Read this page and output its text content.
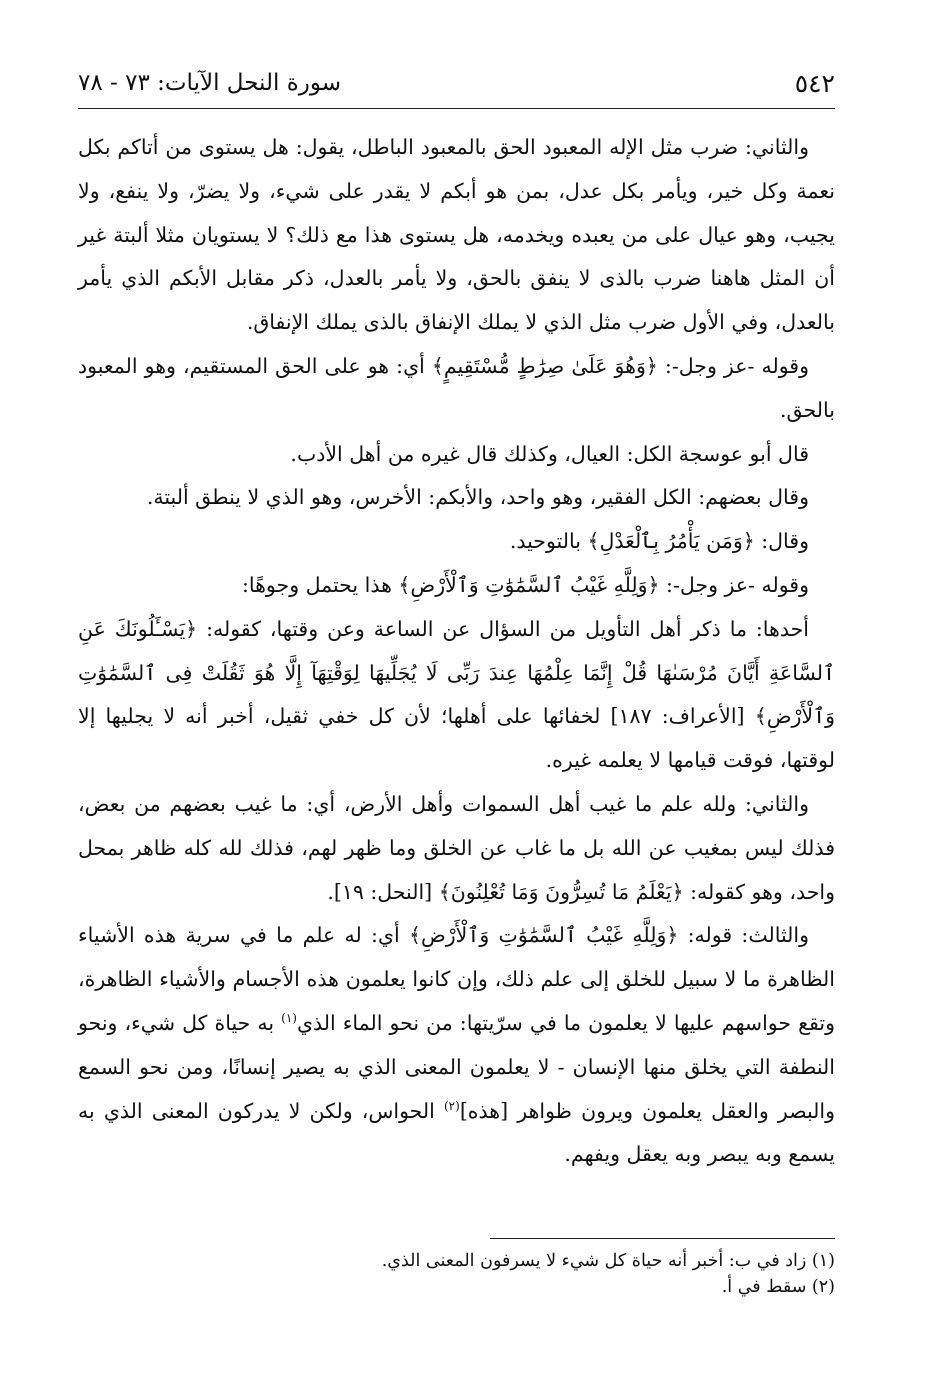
٥٤٢
سورة النحل الآيات: ٧٣ - ٧٨

والثاني: ضرب مثل الإله المعبود الحق بالمعبود الباطل، يقول: هل يستوى من أتاكم بكل نعمة وكل خير، ويأمر بكل عدل، بمن هو أبكم لا يقدر على شيء، ولا يضرّ، ولا ينفع، ولا يجيب، وهو عيال على من يعبده ويخدمه، هل يستوى هذا مع ذلك؟ لا يستويان مثلا ألبتة غير أن المثل هاهنا ضرب بالذى لا ينفق بالحق، ولا يأمر بالعدل، ذكر مقابل الأبكم الذي يأمر بالعدل، وفي الأول ضرب مثل الذي لا يملك الإنفاق بالذى يملك الإنفاق.

وقوله -عز وجل-: ﴿وَهُوَ عَلَىٰ صِرَٰطٍ مُّسْتَقِيمٍ﴾ أي: هو على الحق المستقيم، وهو المعبود بالحق.

قال أبو عوسجة الكل: العيال، وكذلك قال غيره من أهل الأدب.

وقال بعضهم: الكل الفقير، وهو واحد، والأبكم: الأخرس، وهو الذي لا ينطق ألبتة.

وقال: ﴿وَمَن يَأْمُرُ بِٱلْعَدْلِ﴾ بالتوحيد.

وقوله -عز وجل-: ﴿وَلِلَّهِ غَيْبُ ٱلسَّمَٰوَٰتِ وَٱلْأَرْضِ﴾ هذا يحتمل وجوهًا:

أحدها: ما ذكر أهل التأويل من السؤال عن الساعة وعن وقتها، كقوله: ﴿يَسْـَٔلُونَكَ عَنِ ٱلسَّاعَةِ أَيَّانَ مُرْسَىٰهَا قُلْ إِنَّمَا عِلْمُهَا عِندَ رَبِّى لَا يُجَلِّيهَا لِوَقْتِهَآ إِلَّا هُوَ ثَقُلَتْ فِى ٱلسَّمَٰوَٰتِ وَٱلْأَرْضِ﴾ [الأعراف: ١٨٧] لخفائها على أهلها؛ لأن كل خفي ثقيل، أخبر أنه لا يجليها إلا لوقتها، فوقت قيامها لا يعلمه غيره.

والثاني: ولله علم ما غيب أهل السموات وأهل الأرض، أي: ما غيب بعضهم من بعض، فذلك ليس بمغيب عن الله بل ما غاب عن الخلق وما ظهر لهم، فذلك لله كله ظاهر بمحل واحد، وهو كقوله: ﴿يَعْلَمُ مَا تُسِرُّونَ وَمَا تُعْلِنُونَ﴾ [النحل: ١٩].

والثالث: قوله: ﴿وَلِلَّهِ غَيْبُ ٱلسَّمَٰوَٰتِ وَٱلْأَرْضِ﴾ أي: له علم ما في سرية هذه الأشياء الظاهرة ما لا سبيل للخلق إلى علم ذلك، وإن كانوا يعلمون هذه الأجسام والأشياء الظاهرة، وتقع حواسهم عليها لا يعلمون ما في سرّيتها: من نحو الماء الذي$^{(١)}$ به حياة كل شيء، ونحو النطفة التي يخلق منها الإنسان - لا يعلمون المعنى الذي به يصير إنسانًا، ومن نحو السمع والبصر والعقل يعلمون ويرون ظواهر [هذه]$^{(٢)}$ الحواس، ولكن لا يدركون المعنى الذي به يسمع وبه يبصر وبه يعقل ويفهم.

(١) زاد في ب: أخبر أنه حياة كل شيء لا يسرفون المعنى الذي.

(٢) سقط في أ.
